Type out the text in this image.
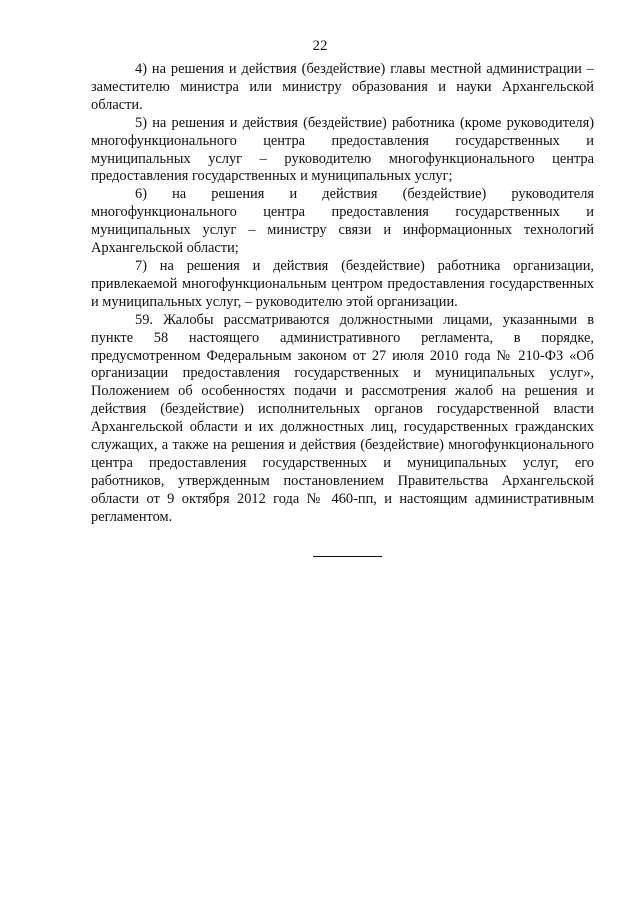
22

4) на решения и действия (бездействие) главы местной администрации – заместителю министра или министру образования и науки Архангельской области.

5) на решения и действия (бездействие) работника (кроме руководителя) многофункционального центра предоставления государственных и муниципальных услуг – руководителю многофункционального центра предоставления государственных и муниципальных услуг;

6) на решения и действия (бездействие) руководителя многофункционального центра предоставления государственных и муниципальных услуг – министру связи и информационных технологий Архангельской области;

7) на решения и действия (бездействие) работника организации, привлекаемой многофункциональным центром предоставления государственных и муниципальных услуг, – руководителю этой организации.

59. Жалобы рассматриваются должностными лицами, указанными в пункте 58 настоящего административного регламента, в порядке, предусмотренном Федеральным законом от 27 июля 2010 года № 210-ФЗ «Об организации предоставления государственных и муниципальных услуг», Положением об особенностях подачи и рассмотрения жалоб на решения и действия (бездействие) исполнительных органов государственной власти Архангельской области и их должностных лиц, государственных гражданских служащих, а также на решения и действия (бездействие) многофункционального центра предоставления государственных и муниципальных услуг, его работников, утвержденным постановлением Правительства Архангельской области от 9 октября 2012 года № 460-пп, и настоящим административным регламентом.
